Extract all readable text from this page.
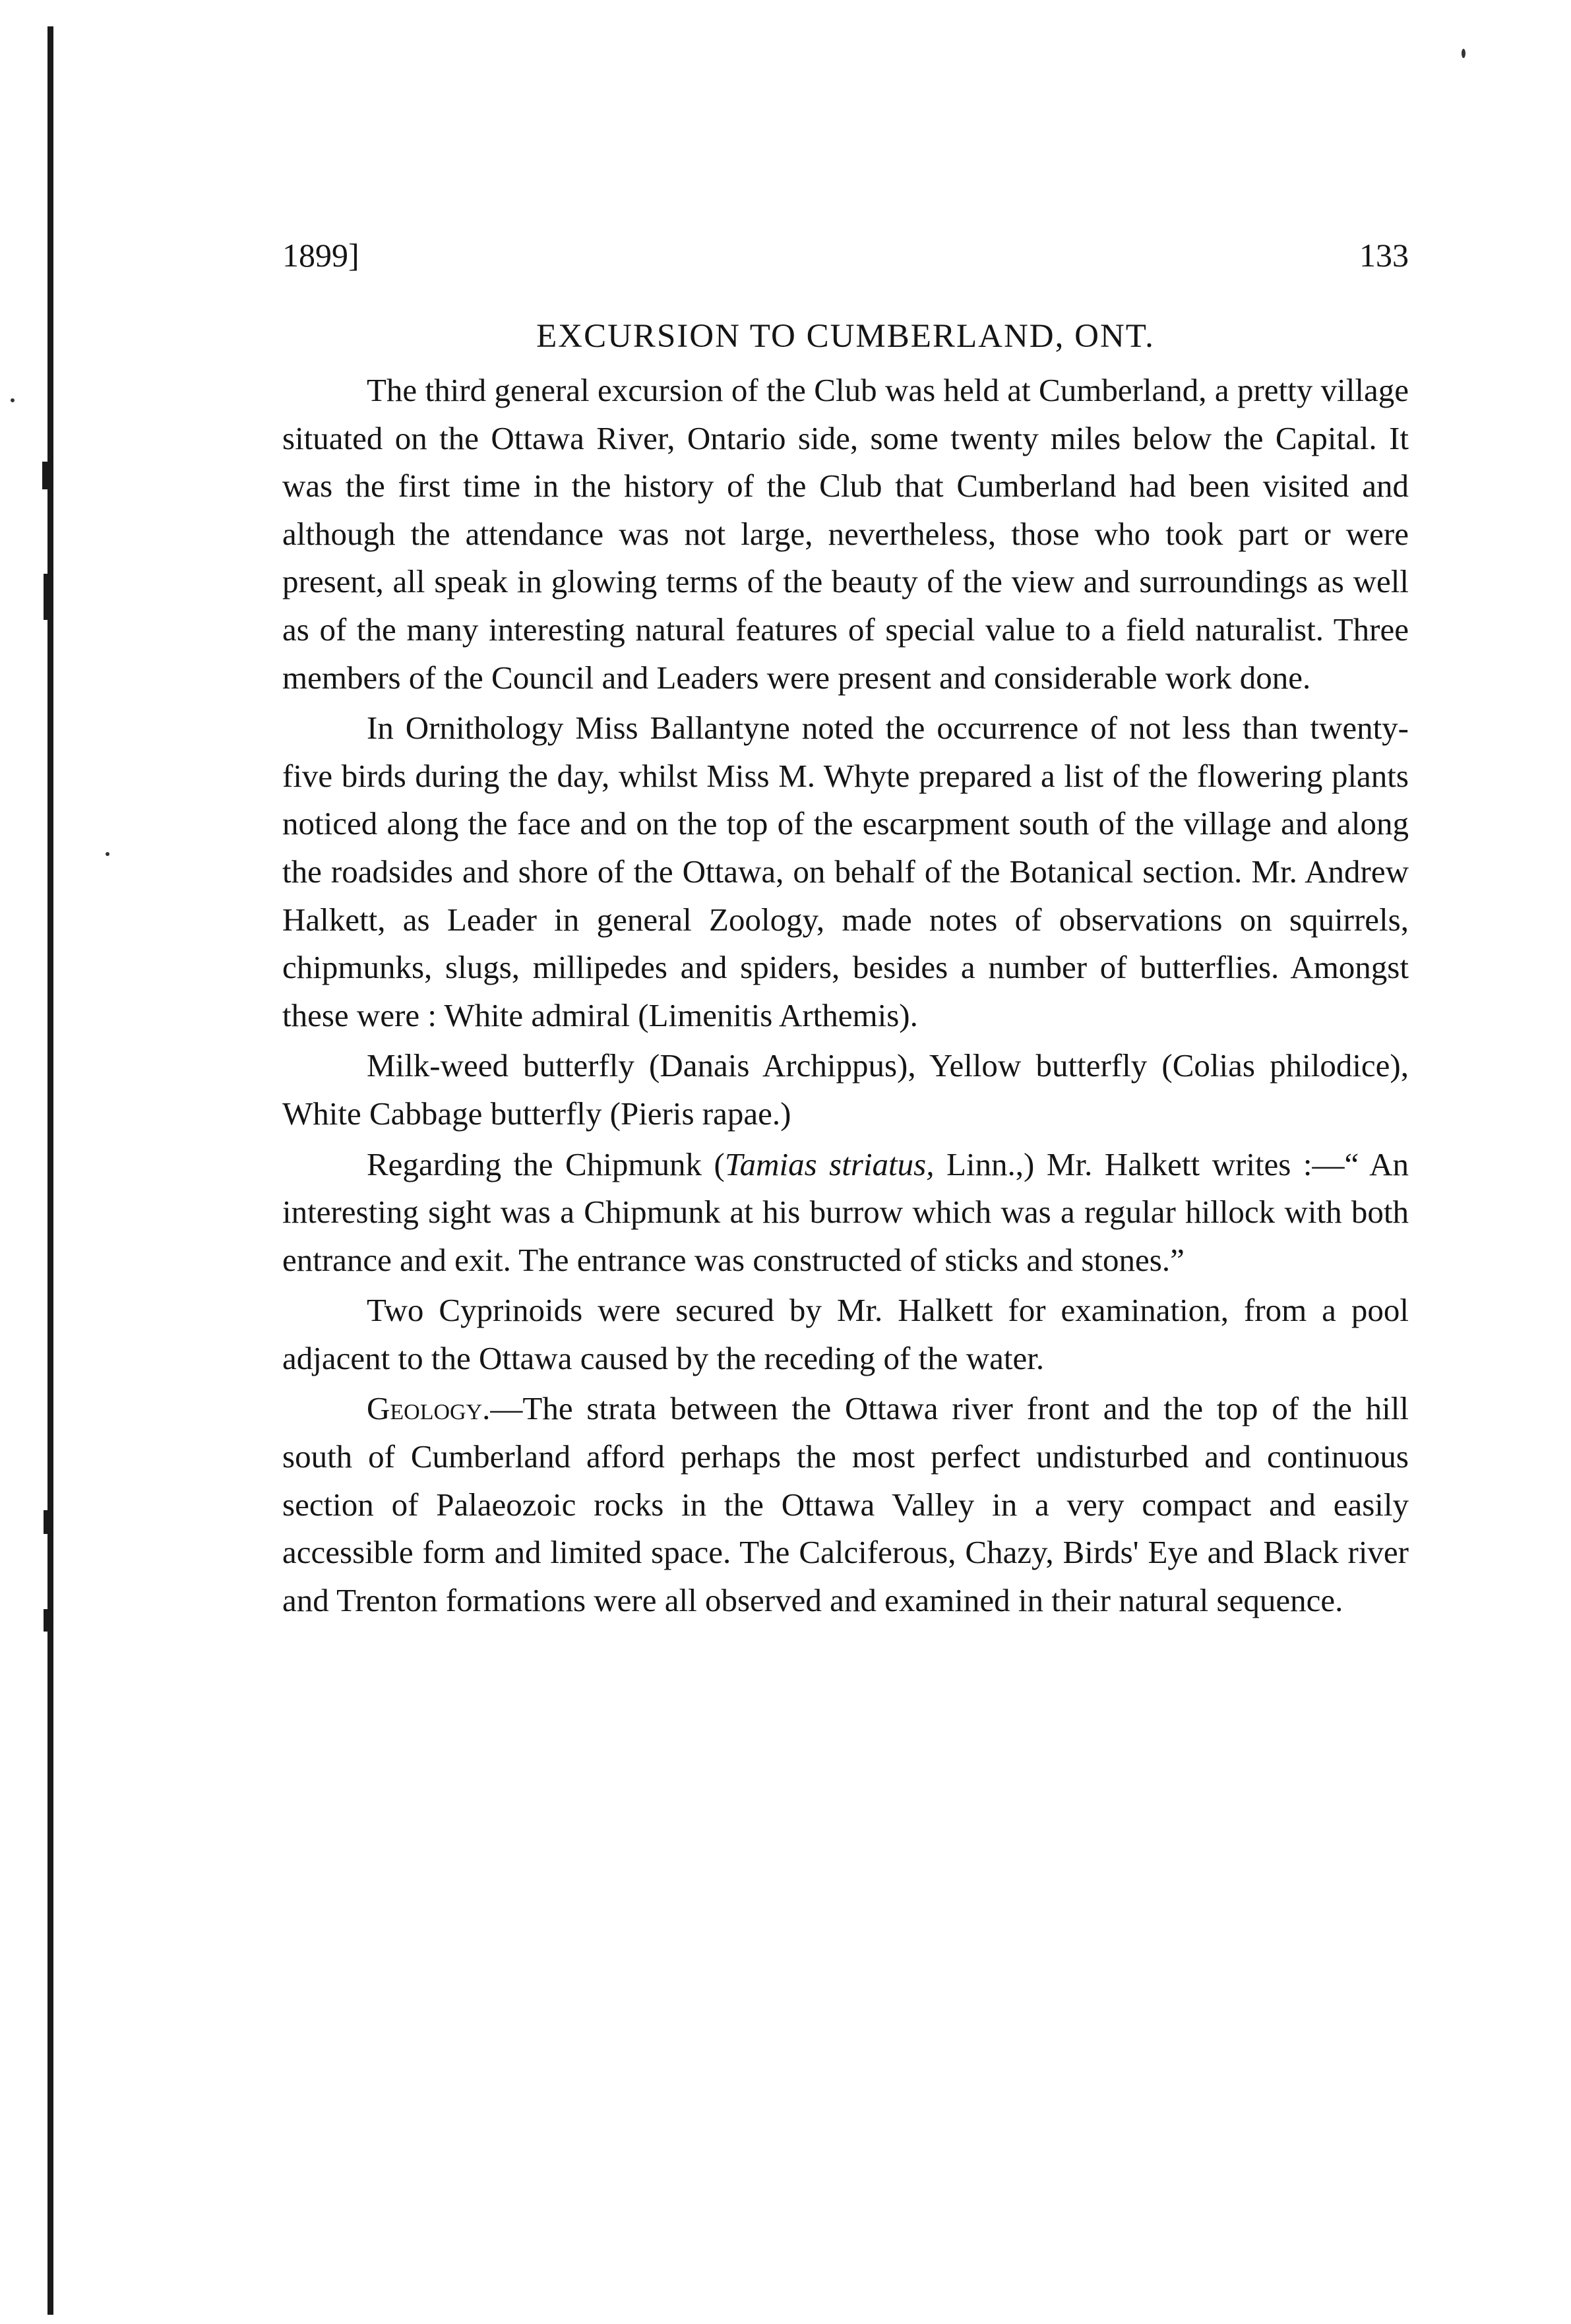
1899]	133
EXCURSION TO CUMBERLAND, ONT.

The third general excursion of the Club was held at Cumberland, a pretty village situated on the Ottawa River, Ontario side, some twenty miles below the Capital. It was the first time in the history of the Club that Cumberland had been visited and although the attendance was not large, nevertheless, those who took part or were present, all speak in glowing terms of the beauty of the view and surroundings as well as of the many interesting natural features of special value to a field naturalist. Three members of the Council and Leaders were present and considerable work done.

In Ornithology Miss Ballantyne noted the occurrence of not less than twenty-five birds during the day, whilst Miss M. Whyte prepared a list of the flowering plants noticed along the face and on the top of the escarpment south of the village and along the roadsides and shore of the Ottawa, on behalf of the Botanical section. Mr. Andrew Halkett, as Leader in general Zoology, made notes of observations on squirrels, chipmunks, slugs, millipedes and spiders, besides a number of butterflies. Amongst these were : White admiral (Limenitis Arthemis).

Milk-weed butterfly (Danais Archippus), Yellow butterfly (Colias philodice), White Cabbage butterfly (Pieris rapae.)

Regarding the Chipmunk (Tamias striatus, Linn.,) Mr. Halkett writes :—“ An interesting sight was a Chipmunk at his burrow which was a regular hillock with both entrance and exit. The entrance was constructed of sticks and stones.”

Two Cyprinoids were secured by Mr. Halkett for examination, from a pool adjacent to the Ottawa caused by the receding of the water.

Geology.—The strata between the Ottawa river front and the top of the hill south of Cumberland afford perhaps the most perfect undisturbed and continuous section of Palaeozoic rocks in the Ottawa Valley in a very compact and easily accessible form and limited space. The Calciferous, Chazy, Birds' Eye and Black river and Trenton formations were all observed and examined in their natural sequence.
